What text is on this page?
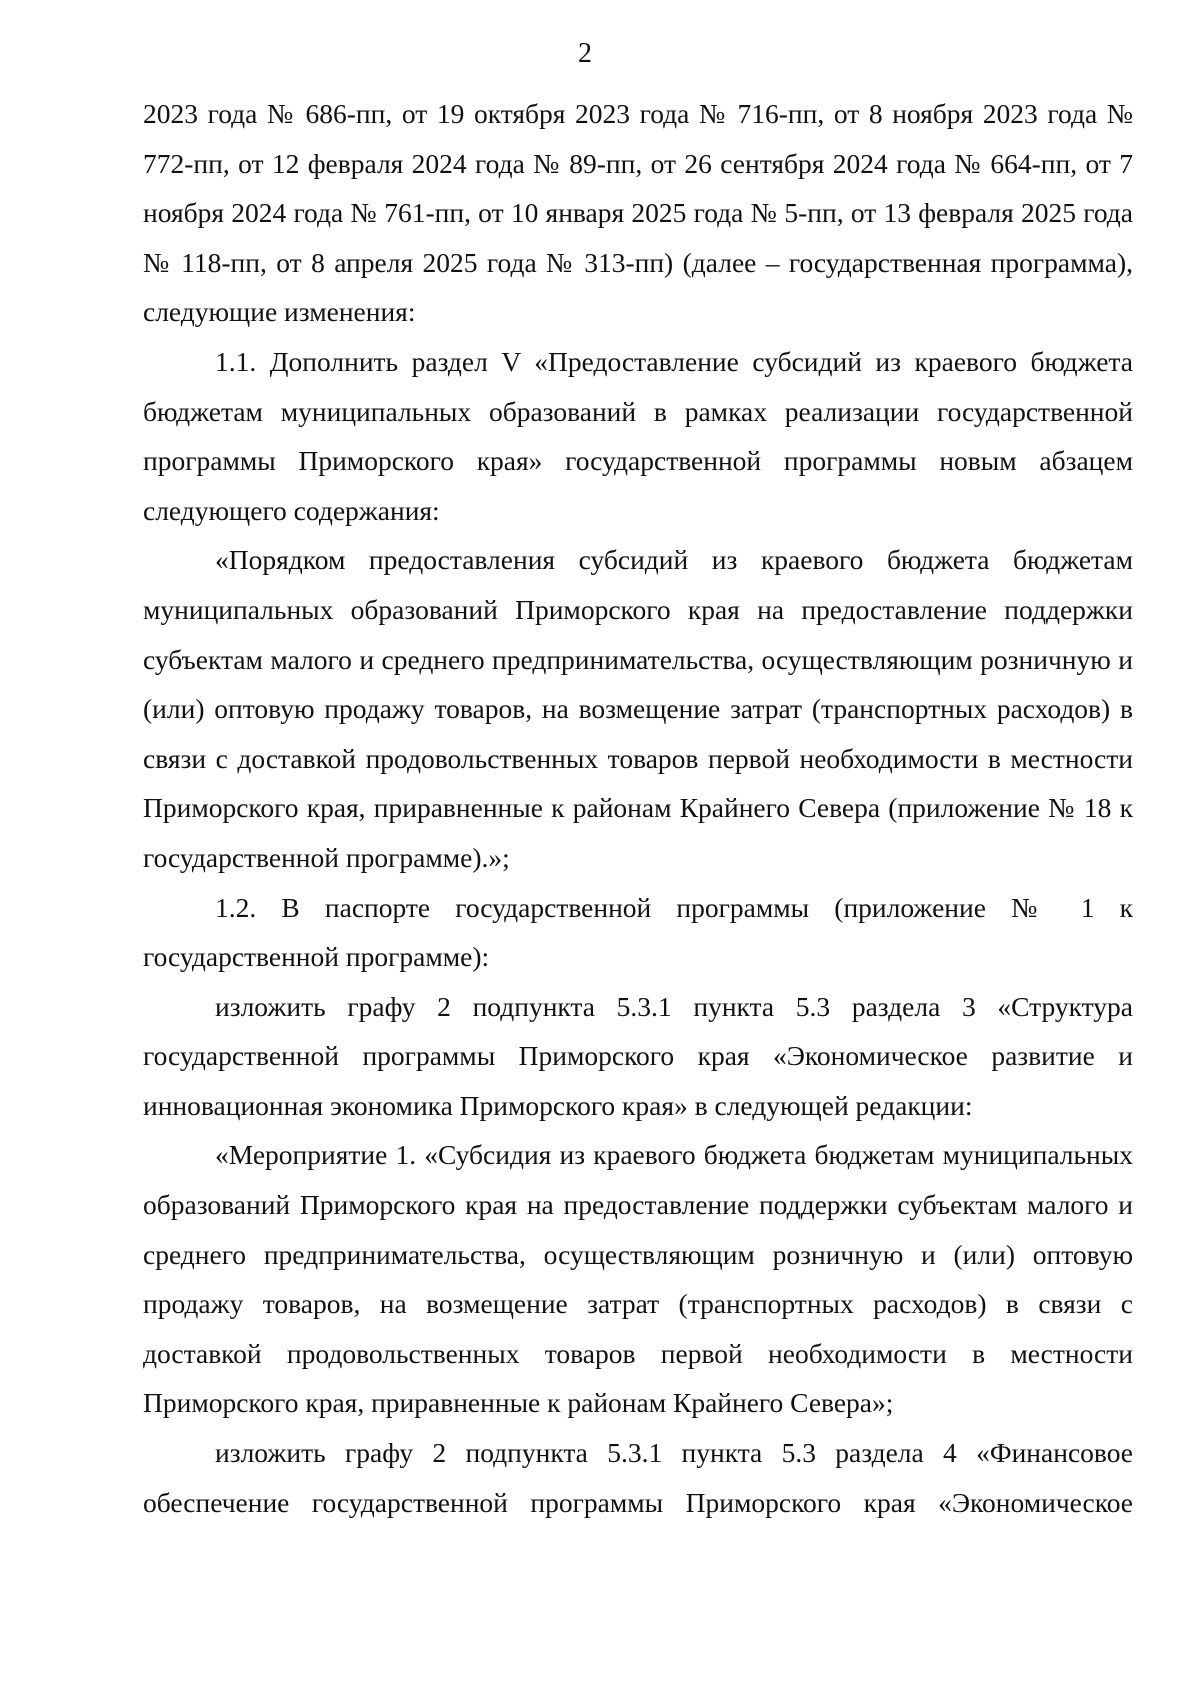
2

2023 года № 686-пп, от 19 октября 2023 года № 716-пп, от 8 ноября 2023 года № 772-пп, от 12 февраля 2024 года № 89-пп, от 26 сентября 2024 года № 664-пп, от 7 ноября 2024 года № 761-пп, от 10 января 2025 года № 5-пп, от 13 февраля 2025 года № 118-пп, от 8 апреля 2025 года № 313-пп) (далее – государственная программа), следующие изменения:

1.1. Дополнить раздел V «Предоставление субсидий из краевого бюджета бюджетам муниципальных образований в рамках реализации государственной программы Приморского края» государственной программы новым абзацем следующего содержания:

«Порядком предоставления субсидий из краевого бюджета бюджетам муниципальных образований Приморского края на предоставление поддержки субъектам малого и среднего предпринимательства, осуществляющим розничную и (или) оптовую продажу товаров, на возмещение затрат (транспортных расходов) в связи с доставкой продовольственных товаров первой необходимости в местности Приморского края, приравненные к районам Крайнего Севера (приложение № 18 к государственной программе).»;

1.2. В паспорте государственной программы (приложение № 1 к государственной программе):

изложить графу 2 подпункта 5.3.1 пункта 5.3 раздела 3 «Структура государственной программы Приморского края «Экономическое развитие и инновационная экономика Приморского края» в следующей редакции:

«Мероприятие 1. «Субсидия из краевого бюджета бюджетам муниципальных образований Приморского края на предоставление поддержки субъектам малого и среднего предпринимательства, осуществляющим розничную и (или) оптовую продажу товаров, на возмещение затрат (транспортных расходов) в связи с доставкой продовольственных товаров первой необходимости в местности Приморского края, приравненные к районам Крайнего Севера»;

изложить графу 2 подпункта 5.3.1 пункта 5.3 раздела 4 «Финансовое обеспечение государственной программы Приморского края «Экономическое
